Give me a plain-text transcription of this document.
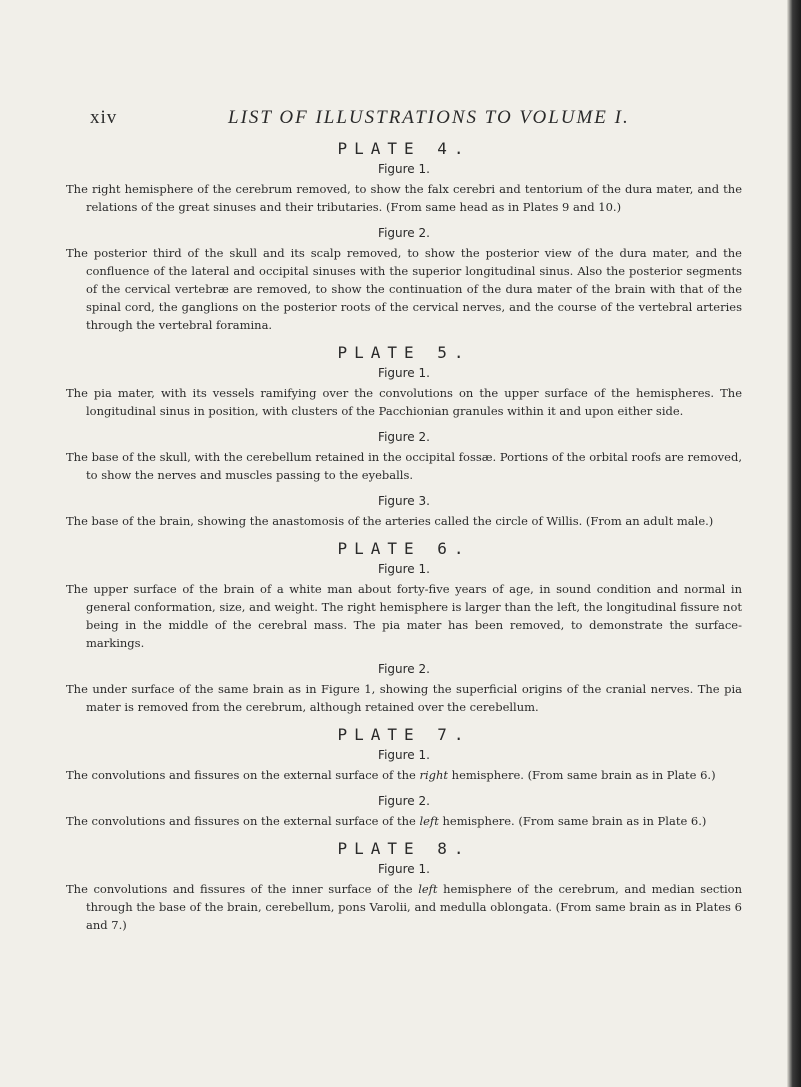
xiv	LIST OF ILLUSTRATIONS TO VOLUME I.
PLATE 4.
Figure 1.

The right hemisphere of the cerebrum removed, to show the falx cerebri and tentorium of the dura mater, and the relations of the great sinuses and their tributaries. (From same head as in Plates 9 and 10.)

Figure 2.

The posterior third of the skull and its scalp removed, to show the posterior view of the dura mater, and the confluence of the lateral and occipital sinuses with the superior longitudinal sinus. Also the posterior segments of the cervical vertebræ are removed, to show the continuation of the dura mater of the brain with that of the spinal cord, the ganglions on the posterior roots of the cervical nerves, and the course of the vertebral arteries through the vertebral foramina.

PLATE 5.
Figure 1.

The pia mater, with its vessels ramifying over the convolutions on the upper surface of the hemispheres. The longitudinal sinus in position, with clusters of the Pacchionian granules within it and upon either side.

Figure 2.

The base of the skull, with the cerebellum retained in the occipital fossæ. Portions of the orbital roofs are removed, to show the nerves and muscles passing to the eyeballs.

Figure 3.

The base of the brain, showing the anastomosis of the arteries called the circle of Willis. (From an adult male.)

PLATE 6.
Figure 1.

The upper surface of the brain of a white man about forty-five years of age, in sound condition and normal in general conformation, size, and weight. The right hemisphere is larger than the left, the longitudinal fissure not being in the middle of the cerebral mass. The pia mater has been removed, to demonstrate the surface-markings.

Figure 2.

The under surface of the same brain as in Figure 1, showing the superficial origins of the cranial nerves. The pia mater is removed from the cerebrum, although retained over the cerebellum.

PLATE 7.
Figure 1.

The convolutions and fissures on the external surface of the right hemisphere. (From same brain as in Plate 6.)

Figure 2.

The convolutions and fissures on the external surface of the left hemisphere. (From same brain as in Plate 6.)

PLATE 8.
Figure 1.

The convolutions and fissures of the inner surface of the left hemisphere of the cerebrum, and median section through the base of the brain, cerebellum, pons Varolii, and medulla oblongata. (From same brain as in Plates 6 and 7.)
